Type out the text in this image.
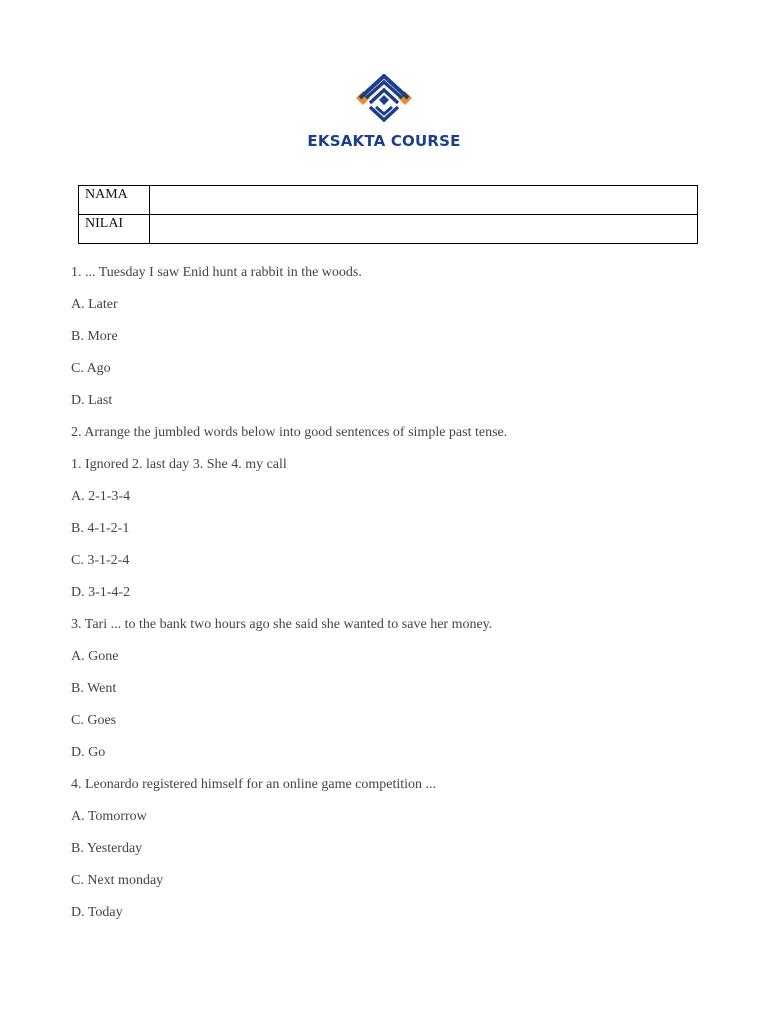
EKSAKTA COURSE
NAMA	
NILAI	
1. ... Tuesday I saw Enid hunt a rabbit in the woods.
A. Later
B. More
C. Ago
D. Last
2. Arrange the jumbled words below into good sentences of simple past tense.
1. Ignored 2. last day 3. She 4. my call
A. 2-1-3-4
B. 4-1-2-1
C. 3-1-2-4
D. 3-1-4-2
3. Tari ... to the bank two hours ago she said she wanted to save her money.
A. Gone
B. Went
C. Goes
D. Go
4. Leonardo registered himself for an online game competition ...
A. Tomorrow
B. Yesterday
C. Next monday
D. Today
